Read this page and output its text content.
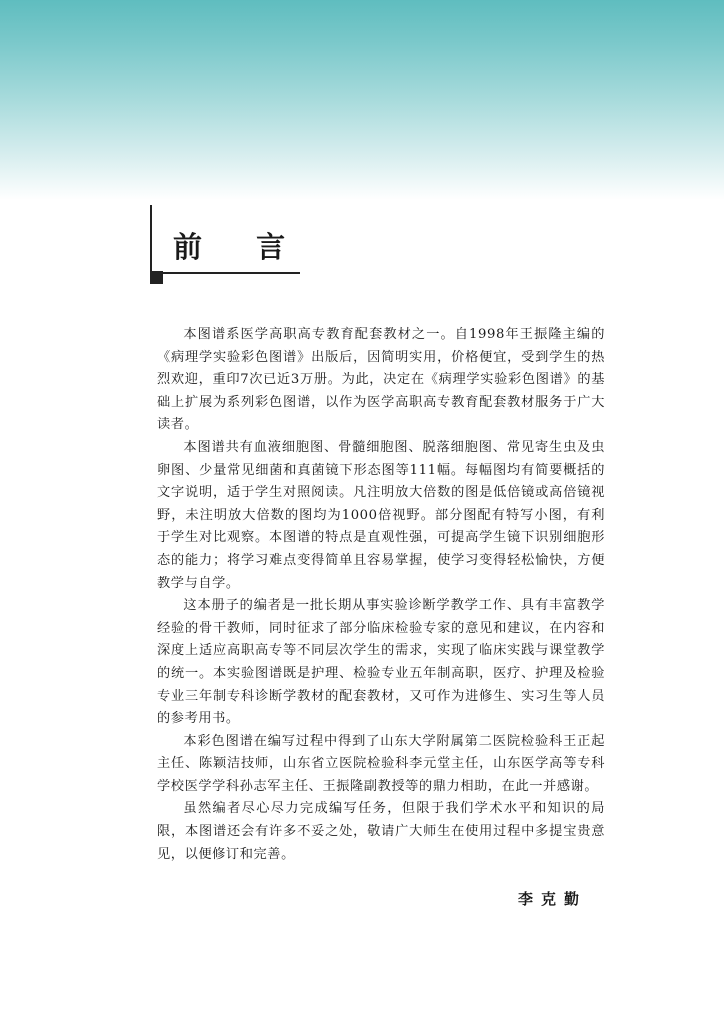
前 言

本图谱系医学高职高专教育配套教材之一。自1998年王振隆主编的《病理学实验彩色图谱》出版后，因简明实用，价格便宜，受到学生的热烈欢迎，重印7次已近3万册。为此，决定在《病理学实验彩色图谱》的基础上扩展为系列彩色图谱，以作为医学高职高专教育配套教材服务于广大读者。

本图谱共有血液细胞图、骨髓细胞图、脱落细胞图、常见寄生虫及虫卵图、少量常见细菌和真菌镜下形态图等111幅。每幅图均有简要概括的文字说明，适于学生对照阅读。凡注明放大倍数的图是低倍镜或高倍镜视野，未注明放大倍数的图均为1000倍视野。部分图配有特写小图，有利于学生对比观察。本图谱的特点是直观性强，可提高学生镜下识别细胞形态的能力；将学习难点变得简单且容易掌握，使学习变得轻松愉快，方便教学与自学。

这本册子的编者是一批长期从事实验诊断学教学工作、具有丰富教学经验的骨干教师，同时征求了部分临床检验专家的意见和建议，在内容和深度上适应高职高专等不同层次学生的需求，实现了临床实践与课堂教学的统一。本实验图谱既是护理、检验专业五年制高职，医疗、护理及检验专业三年制专科诊断学教材的配套教材，又可作为进修生、实习生等人员的参考用书。

本彩色图谱在编写过程中得到了山东大学附属第二医院检验科王正起主任、陈颖洁技师，山东省立医院检验科李元堂主任，山东医学高等专科学校医学学科孙志军主任、王振隆副教授等的鼎力相助，在此一并感谢。

虽然编者尽心尽力完成编写任务，但限于我们学术水平和知识的局限，本图谱还会有许多不妥之处，敬请广大师生在使用过程中多提宝贵意见，以便修订和完善。

李克勤
